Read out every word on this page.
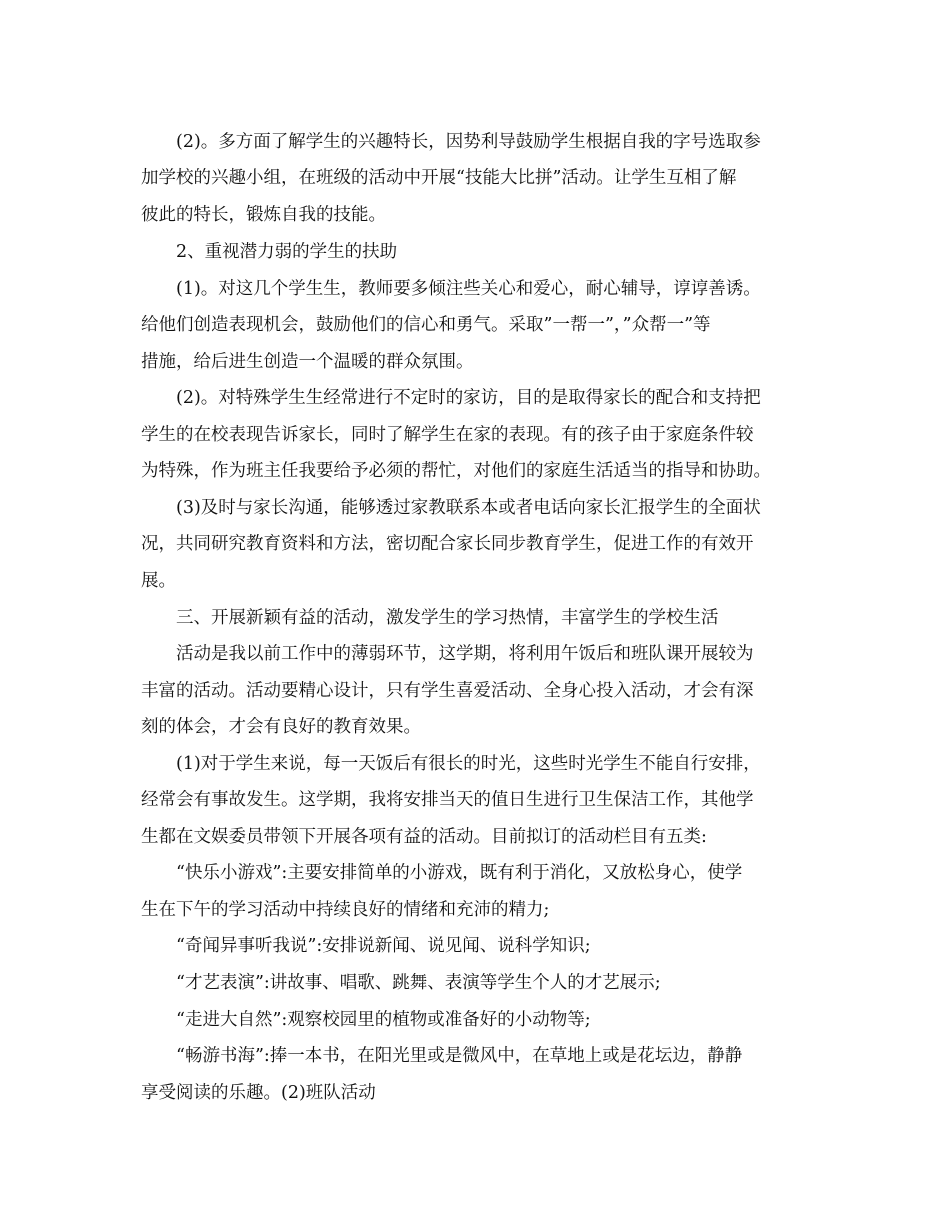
(2)。多方面了解学生的兴趣特长，因势利导鼓励学生根据自我的字号选取参

加学校的兴趣小组，在班级的活动中开展“技能大比拼”活动。让学生互相了解

彼此的特长，锻炼自我的技能。

2、重视潜力弱的学生的扶助

(1)。对这几个学生生，教师要多倾注些关心和爱心，耐心辅导，谆谆善诱。

给他们创造表现机会，鼓励他们的信心和勇气。采取”一帮一”，”众帮一”等

措施，给后进生创造一个温暖的群众氛围。

(2)。对特殊学生生经常进行不定时的家访，目的是取得家长的配合和支持把

学生的在校表现告诉家长，同时了解学生在家的表现。有的孩子由于家庭条件较

为特殊，作为班主任我要给予必须的帮忙，对他们的家庭生活适当的指导和协助。

(3)及时与家长沟通，能够透过家教联系本或者电话向家长汇报学生的全面状

况，共同研究教育资料和方法，密切配合家长同步教育学生，促进工作的有效开

展。

三、开展新颖有益的活动，激发学生的学习热情，丰富学生的学校生活

活动是我以前工作中的薄弱环节，这学期，将利用午饭后和班队课开展较为

丰富的活动。活动要精心设计，只有学生喜爱活动、全身心投入活动，才会有深

刻的体会，才会有良好的教育效果。

(1)对于学生来说，每一天饭后有很长的时光，这些时光学生不能自行安排，

经常会有事故发生。这学期，我将安排当天的值日生进行卫生保洁工作，其他学

生都在文娱委员带领下开展各项有益的活动。目前拟订的活动栏目有五类:

“快乐小游戏”:主要安排简单的小游戏，既有利于消化，又放松身心，使学

生在下午的学习活动中持续良好的情绪和充沛的精力;

“奇闻异事听我说”:安排说新闻、说见闻、说科学知识;

“才艺表演”:讲故事、唱歌、跳舞、表演等学生个人的才艺展示;

“走进大自然”:观察校园里的植物或准备好的小动物等;

“畅游书海”:捧一本书，在阳光里或是微风中，在草地上或是花坛边，静静

享受阅读的乐趣。(2)班队活动
